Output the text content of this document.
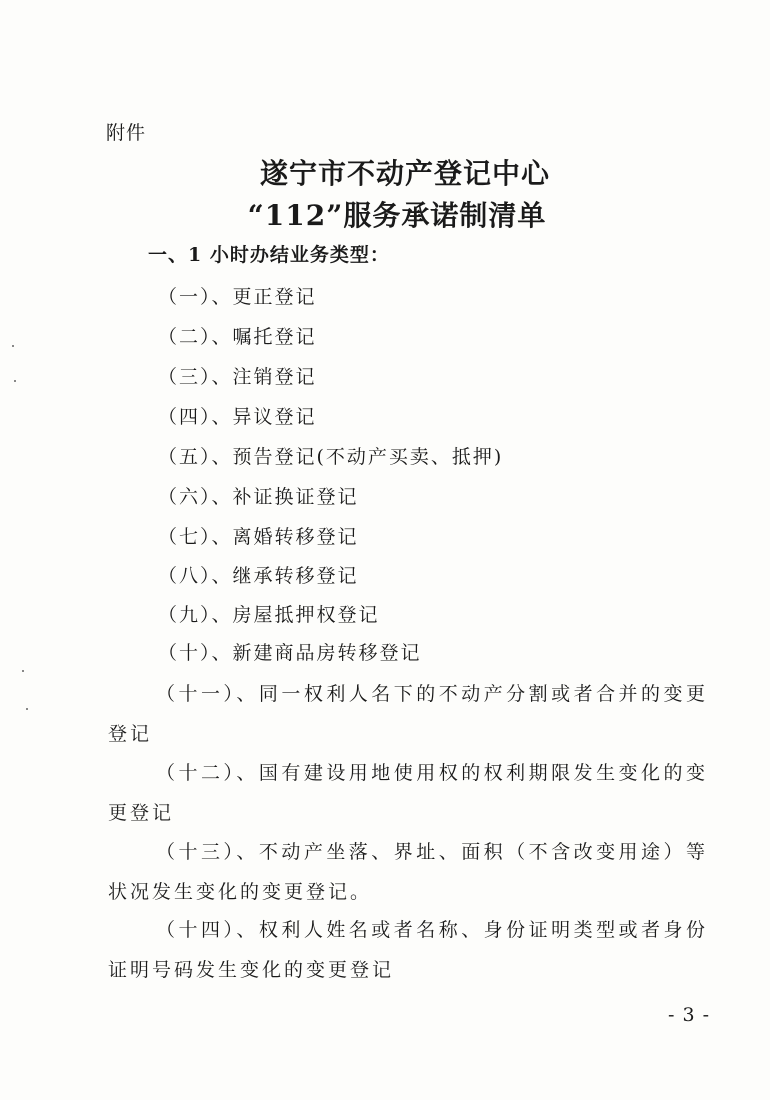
附件
遂宁市不动产登记中心
“112”服务承诺制清单
一、1 小时办结业务类型：
（一）、更正登记
（二）、嘱托登记
（三）、注销登记
（四）、异议登记
（五）、预告登记(不动产买卖、抵押)
（六）、补证换证登记
（七）、离婚转移登记
（八）、继承转移登记
（九）、房屋抵押权登记
（十）、新建商品房转移登记
（十一）、同一权利人名下的不动产分割或者合并的变更登记
（十二）、国有建设用地使用权的权利期限发生变化的变更登记
（十三）、不动产坐落、界址、面积（不含改变用途）等状况发生变化的变更登记。
（十四）、权利人姓名或者名称、身份证明类型或者身份证明号码发生变化的变更登记
- 3 -
